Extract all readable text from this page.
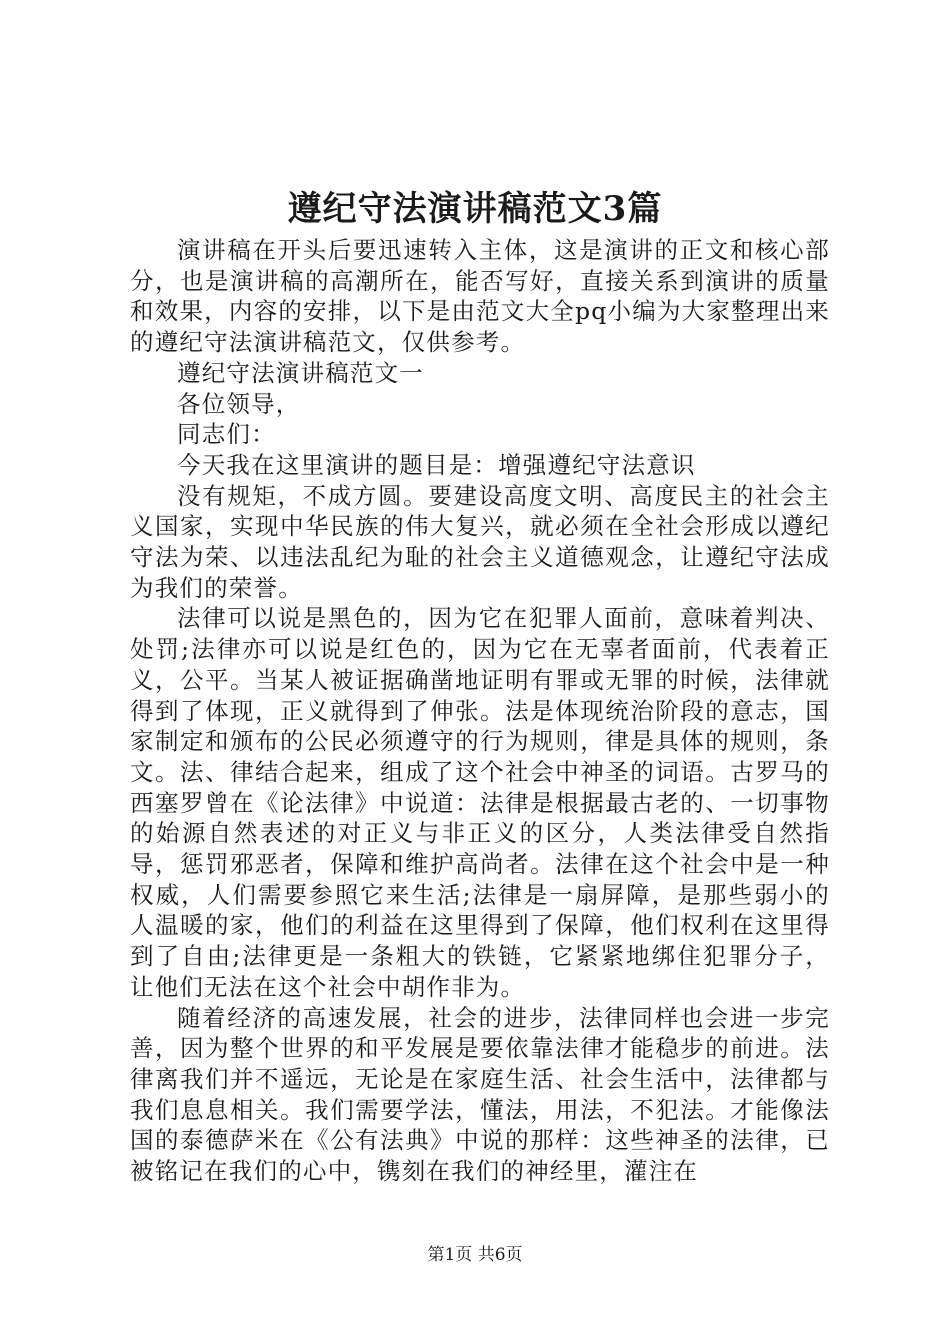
遵纪守法演讲稿范文3篇

演讲稿在开头后要迅速转入主体，这是演讲的正文和核心部分，也是演讲稿的高潮所在，能否写好，直接关系到演讲的质量和效果，内容的安排，以下是由范文大全pq小编为大家整理出来的遵纪守法演讲稿范文，仅供参考。

遵纪守法演讲稿范文一

各位领导，

同志们：

今天我在这里演讲的题目是：增强遵纪守法意识

没有规矩，不成方圆。要建设高度文明、高度民主的社会主义国家，实现中华民族的伟大复兴，就必须在全社会形成以遵纪守法为荣、以违法乱纪为耻的社会主义道德观念，让遵纪守法成为我们的荣誉。

法律可以说是黑色的，因为它在犯罪人面前，意味着判决、处罚;法律亦可以说是红色的，因为它在无辜者面前，代表着正义，公平。当某人被证据确凿地证明有罪或无罪的时候，法律就得到了体现，正义就得到了伸张。法是体现统治阶段的意志，国家制定和颁布的公民必须遵守的行为规则，律是具体的规则，条文。法、律结合起来，组成了这个社会中神圣的词语。古罗马的西塞罗曾在《论法律》中说道：法律是根据最古老的、一切事物的始源自然表述的对正义与非正义的区分，人类法律受自然指导，惩罚邪恶者，保障和维护高尚者。法律在这个社会中是一种权威，人们需要参照它来生活;法律是一扇屏障，是那些弱小的人温暖的家，他们的利益在这里得到了保障，他们权利在这里得到了自由;法律更是一条粗大的铁链，它紧紧地绑住犯罪分子，让他们无法在这个社会中胡作非为。

随着经济的高速发展，社会的进步，法律同样也会进一步完善，因为整个世界的和平发展是要依靠法律才能稳步的前进。法律离我们并不遥远，无论是在家庭生活、社会生活中，法律都与我们息息相关。我们需要学法，懂法，用法，不犯法。才能像法国的泰德萨米在《公有法典》中说的那样：这些神圣的法律，已被铭记在我们的心中，镌刻在我们的神经里，灌注在

第1页 共6页
